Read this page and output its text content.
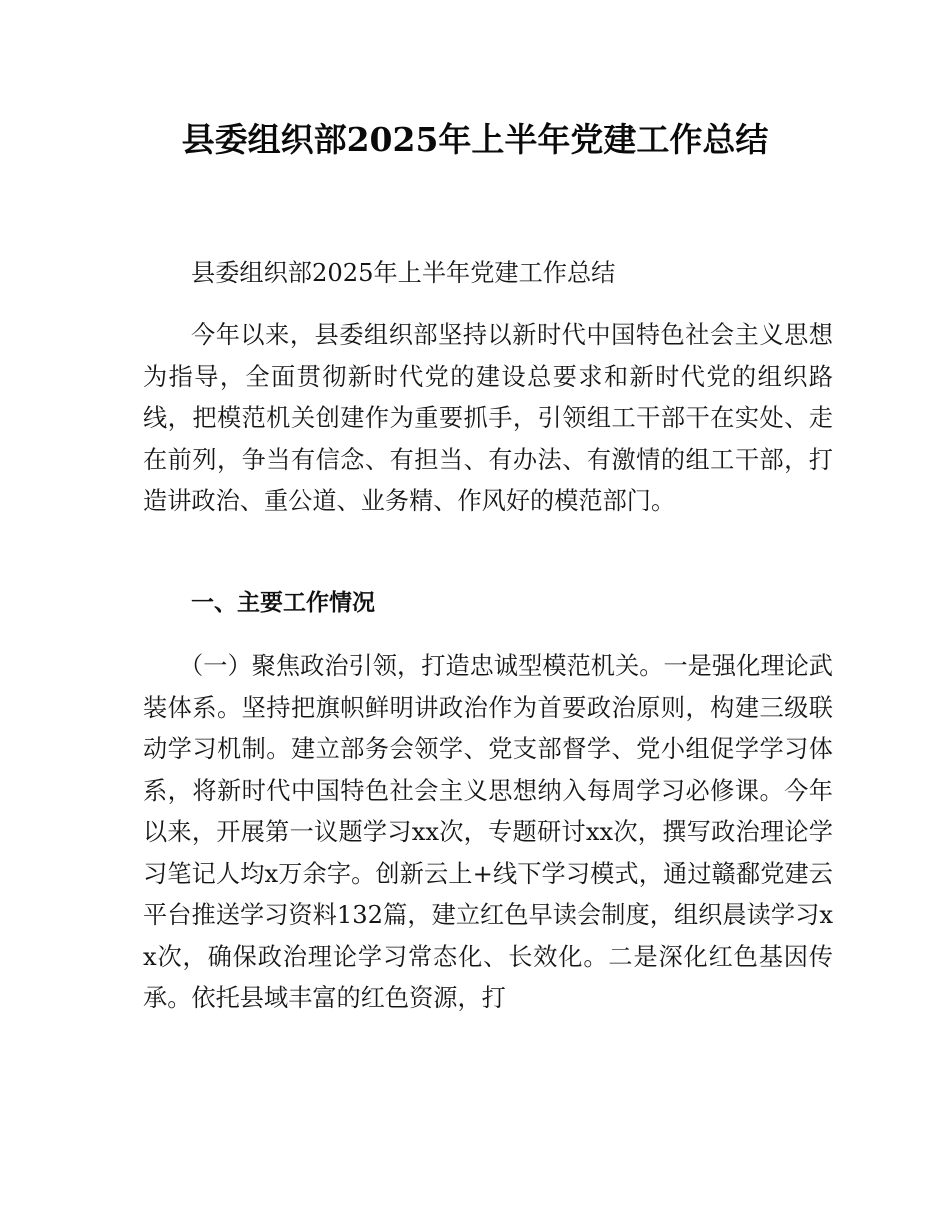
县委组织部2025年上半年党建工作总结

县委组织部2025年上半年党建工作总结

今年以来，县委组织部坚持以新时代中国特色社会主义思想为指导，全面贯彻新时代党的建设总要求和新时代党的组织路线，把模范机关创建作为重要抓手，引领组工干部干在实处、走在前列，争当有信念、有担当、有办法、有激情的组工干部，打造讲政治、重公道、业务精、作风好的模范部门。

一、主要工作情况

（一）聚焦政治引领，打造忠诚型模范机关。一是强化理论武装体系。坚持把旗帜鲜明讲政治作为首要政治原则，构建三级联动学习机制。建立部务会领学、党支部督学、党小组促学学习体系，将新时代中国特色社会主义思想纳入每周学习必修课。今年以来，开展第一议题学习xx次，专题研讨xx次，撰写政治理论学习笔记人均x万余字。创新云上+线下学习模式，通过赣鄱党建云平台推送学习资料132篇，建立红色早读会制度，组织晨读学习xx次，确保政治理论学习常态化、长效化。二是深化红色基因传承。依托县域丰富的红色资源，打
